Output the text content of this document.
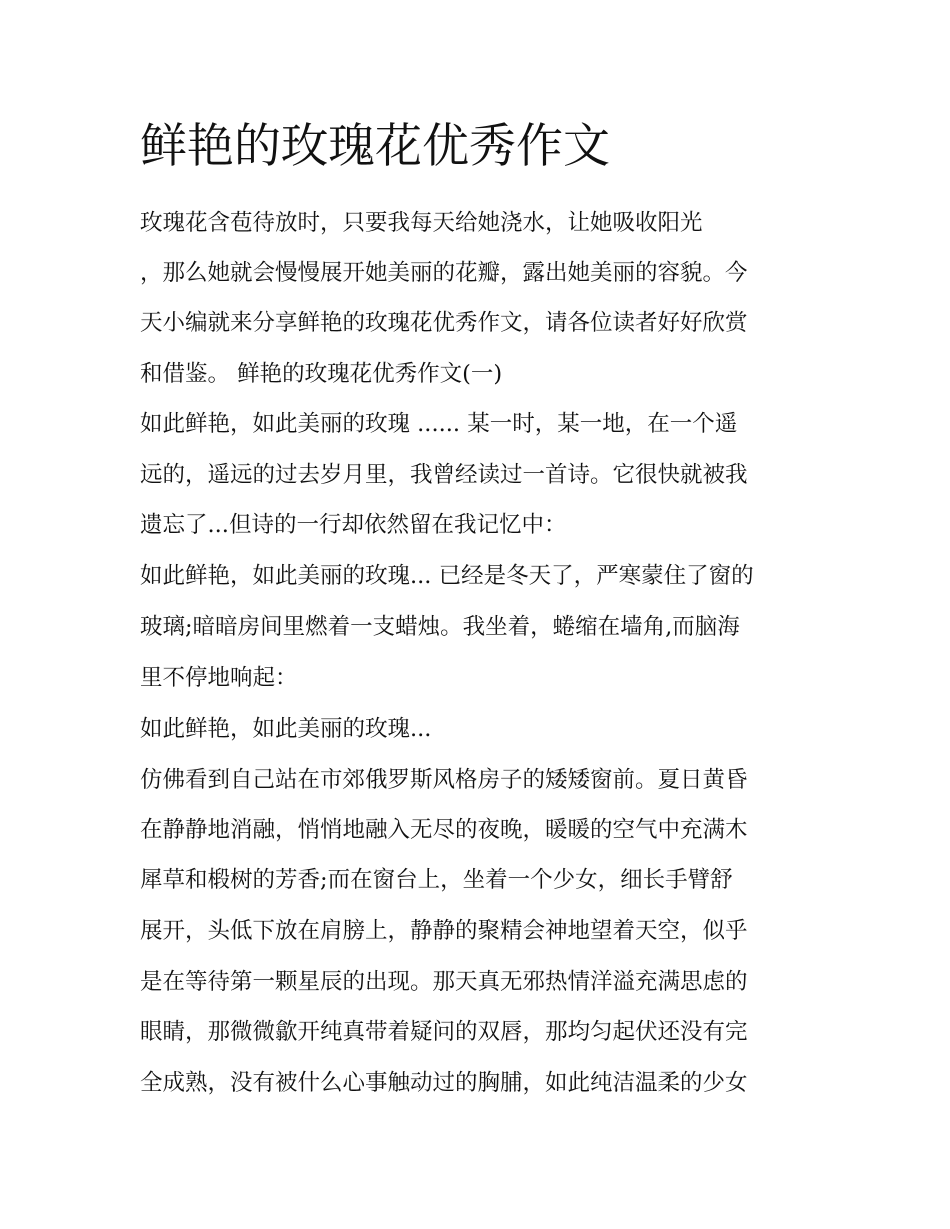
鲜艳的玫瑰花优秀作文
玫瑰花含苞待放时，只要我每天给她浇水，让她吸收阳光
，那么她就会慢慢展开她美丽的花瓣，露出她美丽的容貌。今
天小编就来分享鲜艳的玫瑰花优秀作文，请各位读者好好欣赏
和借鉴。 鲜艳的玫瑰花优秀作文(一)
如此鲜艳，如此美丽的玫瑰 ...... 某一时，某一地，在一个遥
远的，遥远的过去岁月里，我曾经读过一首诗。它很快就被我
遗忘了...但诗的一行却依然留在我记忆中：
如此鲜艳，如此美丽的玫瑰... 已经是冬天了，严寒蒙住了窗的
玻璃;暗暗房间里燃着一支蜡烛。我坐着，蜷缩在墙角,而脑海
里不停地响起：
如此鲜艳，如此美丽的玫瑰...
仿佛看到自己站在市郊俄罗斯风格房子的矮矮窗前。夏日黄昏
在静静地消融，悄悄地融入无尽的夜晚，暖暖的空气中充满木
犀草和椴树的芳香;而在窗台上，坐着一个少女，细长手臂舒
展开，头低下放在肩膀上，静静的聚精会神地望着天空，似乎
是在等待第一颗星辰的出现。那天真无邪热情洋溢充满思虑的
眼睛，那微微歙开纯真带着疑问的双唇，那均匀起伏还没有完
全成熟，没有被什么心事触动过的胸脯，如此纯洁温柔的少女
